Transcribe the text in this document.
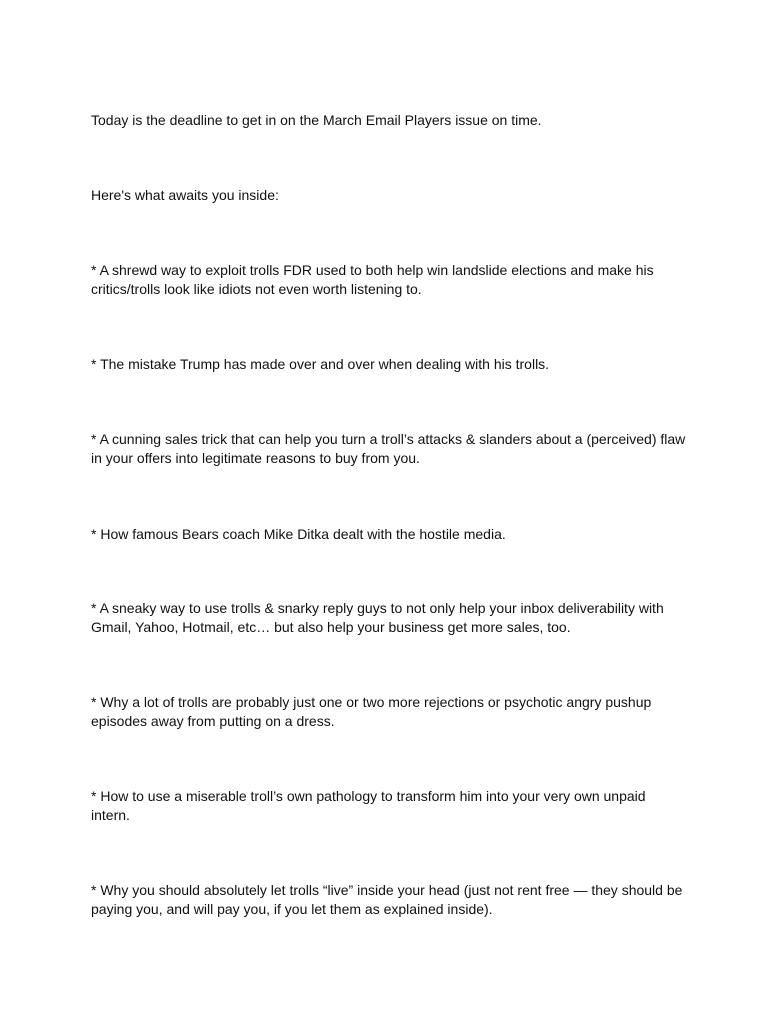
Today is the deadline to get in on the March Email Players issue on time.

Here's what awaits you inside:

* A shrewd way to exploit trolls FDR used to both help win landslide elections and make his
critics/trolls look like idiots not even worth listening to.

* The mistake Trump has made over and over when dealing with his trolls.

* A cunning sales trick that can help you turn a troll’s attacks & slanders about a (perceived) flaw
in your offers into legitimate reasons to buy from you.

* How famous Bears coach Mike Ditka dealt with the hostile media.

* A sneaky way to use trolls & snarky reply guys to not only help your inbox deliverability with
Gmail, Yahoo, Hotmail, etc… but also help your business get more sales, too.

* Why a lot of trolls are probably just one or two more rejections or psychotic angry pushup
episodes away from putting on a dress.

* How to use a miserable troll’s own pathology to transform him into your very own unpaid
intern.

* Why you should absolutely let trolls “live” inside your head (just not rent free — they should be
paying you, and will pay you, if you let them as explained inside).
